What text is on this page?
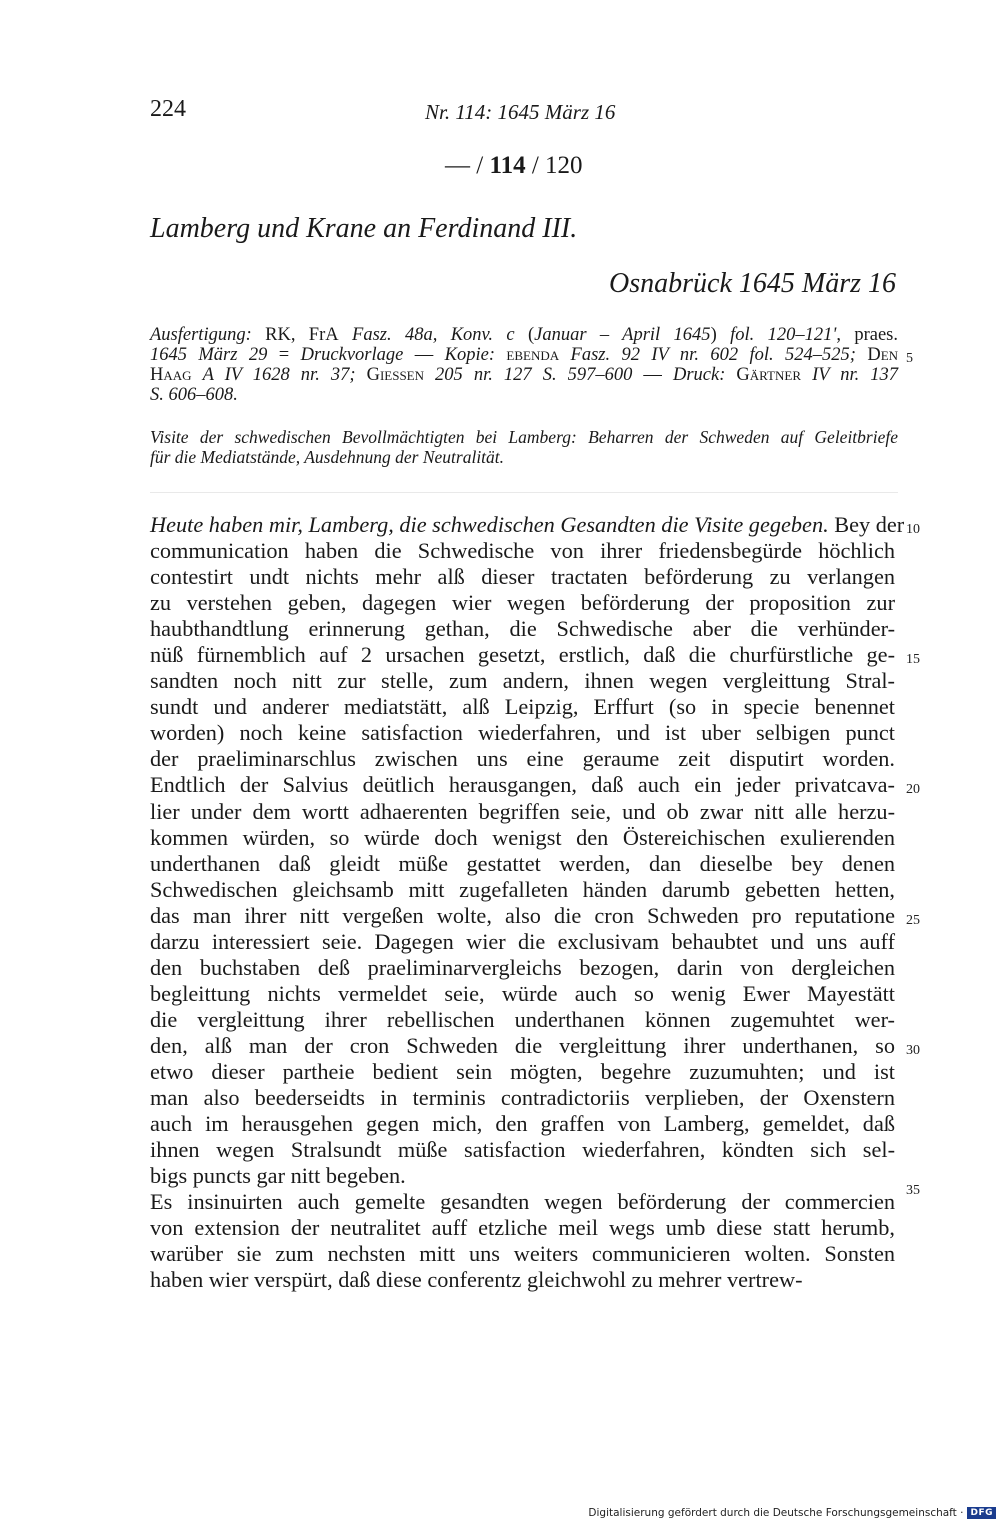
224	Nr. 114: 1645 März 16
— / 114 / 120
Lamberg und Krane an Ferdinand III.
Osnabrück 1645 März 16
Ausfertigung: RK, FrA Fasz. 48a, Konv. c (Januar – April 1645) fol. 120–121', praes.
1645 März 29 = Druckvorlage — Kopie: ebenda Fasz. 92 IV nr. 602 fol. 524–525; Den
Haag A IV 1628 nr. 37; Giessen 205 nr. 127 S. 597–600 — Druck: Gärtner IV nr. 137
S. 606–608.
Visite der schwedischen Bevollmächtigten bei Lamberg: Beharren der Schweden auf Geleitbriefe
für die Mediatstände, Ausdehnung der Neutralität.
Heute haben mir, Lamberg, die schwedischen Gesandten die Visite gegeben. Bey der
communication haben die Schwedische von ihrer friedensbegürde höchlich
contestirt undt nichts mehr alß dieser tractaten beförderung zu verlangen
zu verstehen geben, dagegen wier wegen beförderung der proposition zur
haubthandtlung erinnerung gethan, die Schwedische aber die verhünder-
nüß fürnemblich auf 2 ursachen gesetzt, erstlich, daß die churfürstliche ge-
sandten noch nitt zur stelle, zum andern, ihnen wegen vergleittung Stral-
sundt und anderer mediatstätt, alß Leipzig, Erffurt (so in specie benennet
worden) noch keine satisfaction wiederfahren, und ist uber selbigen punct
der praeliminarschlus zwischen uns eine geraume zeit disputirt worden.
Endtlich der Salvius deütlich herausgangen, daß auch ein jeder privatcava-
lier under dem wortt adhaerenten begriffen seie, und ob zwar nitt alle herzu-
kommen würden, so würde doch wenigst den Östereichischen exulierenden
underthanen daß gleidt müße gestattet werden, dan dieselbe bey denen
Schwedischen gleichsamb mitt zugefalleten händen darumb gebetten hetten,
das man ihrer nitt vergeßen wolte, also die cron Schweden pro reputatione
darzu interessiert seie. Dagegen wier die exclusivam behaubtet und uns auff
den buchstaben deß praeliminarvergleichs bezogen, darin von dergleichen
begleittung nichts vermeldet seie, würde auch so wenig Ewer Mayestätt
die vergleittung ihrer rebellischen underthanen können zugemuhtet wer-
den, alß man der cron Schweden die vergleittung ihrer underthanen, so
etwo dieser partheie bedient sein mögten, begehre zuzumuhten; und ist
man also beederseidts in terminis contradictoriis verplieben, der Oxenstern
auch im herausgehen gegen mich, den graffen von Lamberg, gemeldet, daß
ihnen wegen Stralsundt müße satisfaction wiederfahren, köndten sich sel-
bigs puncts gar nitt begeben.
Es insinuirten auch gemelte gesandten wegen beförderung der commercien
von extension der neutralitet auff etzliche meil wegs umb diese statt herumb,
warüber sie zum nechsten mitt uns weiters communicieren wolten. Sonsten
haben wier verspürt, daß diese conferentz gleichwohl zu mehrer vertrew-
5
10
15
20
25
30
35
Digitalisierung gefördert durch die Deutsche Forschungsgemeinschaft · DFG
